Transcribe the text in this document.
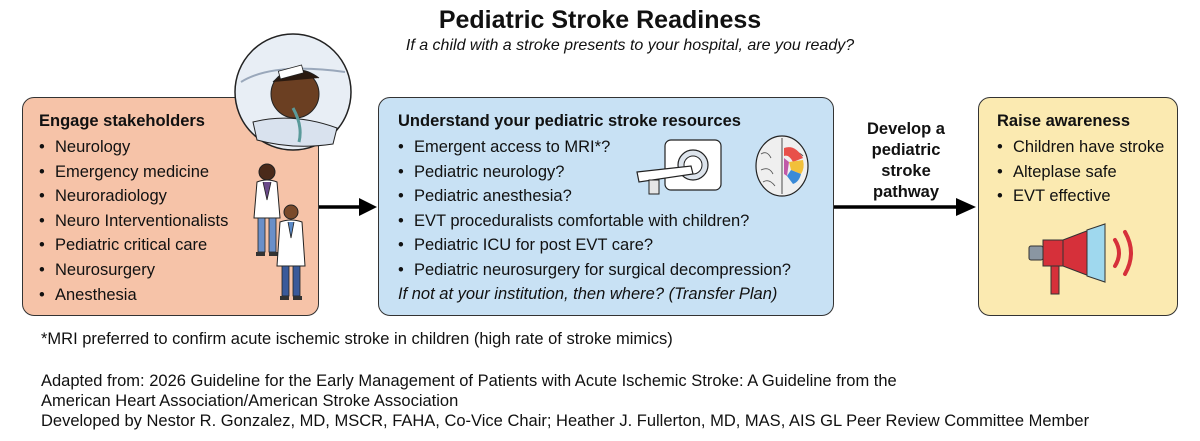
Pediatric Stroke Readiness
If a child with a stroke presents to your hospital, are you ready?
Engage stakeholders
• Neurology
• Emergency medicine
• Neuroradiology
• Neuro Interventionalists
• Pediatric critical care
• Neurosurgery
• Anesthesia
Understand your pediatric stroke resources
• Emergent access to MRI*?
• Pediatric neurology?
• Pediatric anesthesia?
• EVT proceduralists comfortable with children?
• Pediatric ICU for post EVT care?
• Pediatric neurosurgery for surgical decompression?
If not at your institution, then where? (Transfer Plan)
Develop a
pediatric
stroke
pathway
Raise awareness
• Children have stroke
• Alteplase safe
• EVT effective
*MRI preferred to confirm acute ischemic stroke in children (high rate of stroke mimics)
Adapted from: 2026 Guideline for the Early Management of Patients with Acute Ischemic Stroke: A Guideline from the
American Heart Association/American Stroke Association
Developed by Nestor R. Gonzalez, MD, MSCR, FAHA, Co-Vice Chair; Heather J. Fullerton, MD, MAS, AIS GL Peer Review Committee Member
